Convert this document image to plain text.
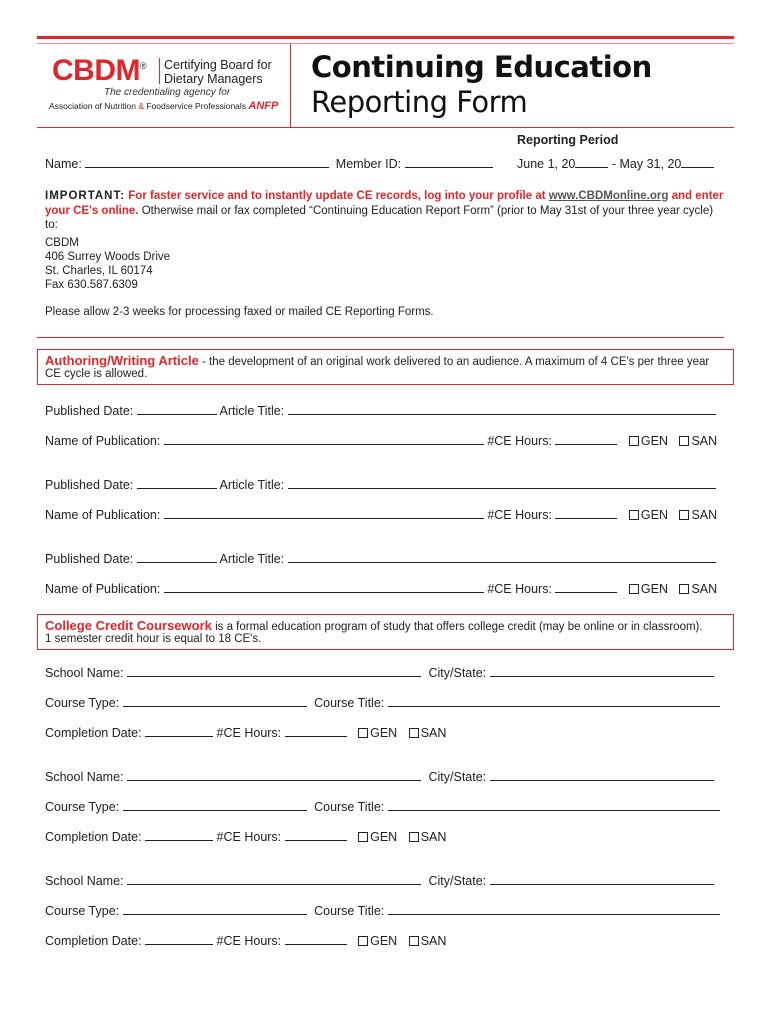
CBDM® Certifying Board for
Dietary Managers
The credentialing agency for
Association of Nutrition & Foodservice Professionals ANFP
Continuing Education
Reporting Form
Reporting Period
Name:	Member ID:	June 1, 20	- May 31, 20
IMPORTANT: For faster service and to instantly update CE records, log into your profile at www.CBDMonline.org and enter
your CE's online. Otherwise mail or fax completed “Continuing Education Report Form” (prior to May 31st of your three year cycle)
to:
CBDM
406 Surrey Woods Drive
St. Charles, IL 60174
Fax 630.587.6309
Please allow 2-3 weeks for processing faxed or mailed CE Reporting Forms.
Authoring/Writing Article - the development of an original work delivered to an audience. A maximum of 4 CE's per three year
CE cycle is allowed.
Published Date:	Article Title:
Name of Publication:	#CE Hours:	GEN SAN
Published Date:	Article Title:
Name of Publication:	#CE Hours:	GEN SAN
Published Date:	Article Title:
Name of Publication:	#CE Hours:	GEN SAN
College Credit Coursework is a formal education program of study that offers college credit (may be online or in classroom).
1 semester credit hour is equal to 18 CE's.
School Name:	City/State:
Course Type:	Course Title:
Completion Date:	#CE Hours:	GEN SAN
School Name:	City/State:
Course Type:	Course Title:
Completion Date:	#CE Hours:	GEN SAN
School Name:	City/State:
Course Type:	Course Title:
Completion Date:	#CE Hours:	GEN SAN
